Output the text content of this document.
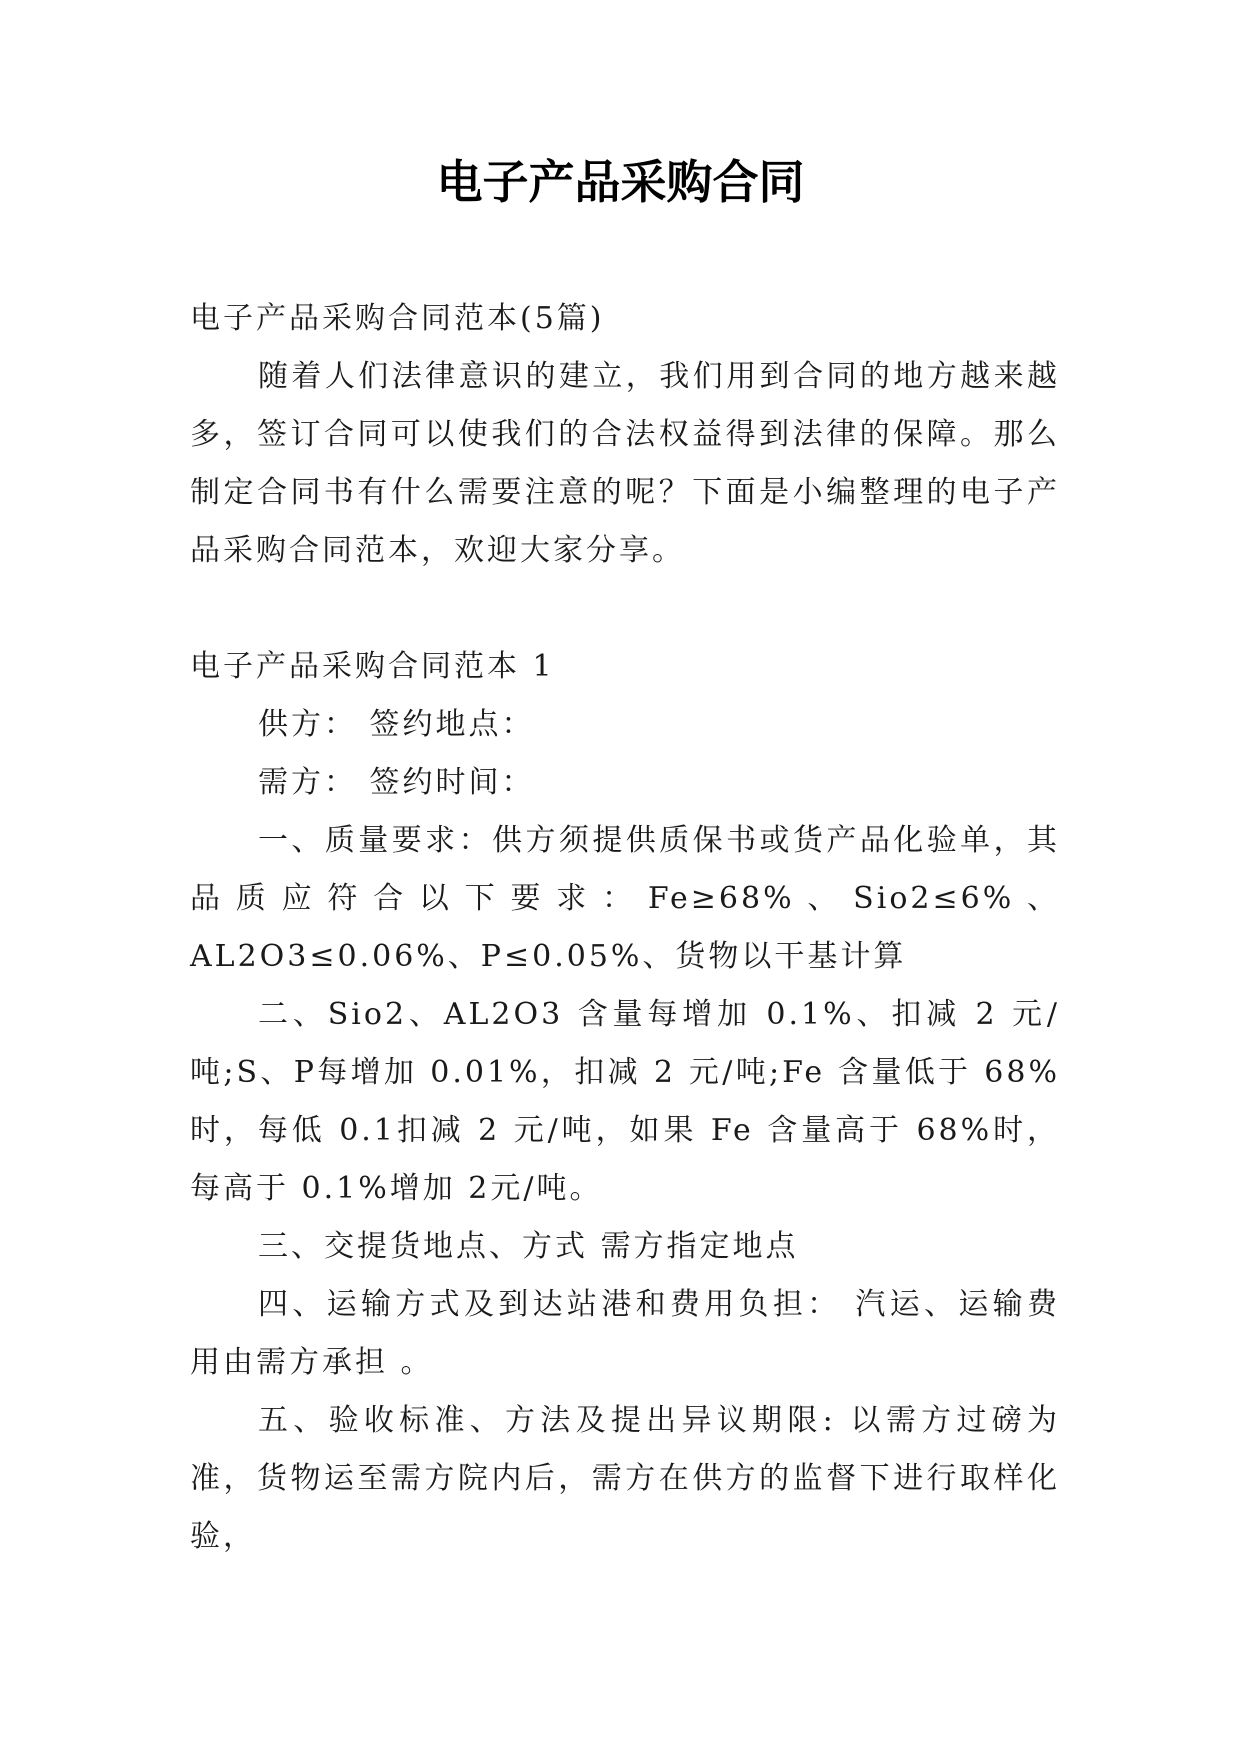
电子产品采购合同

电子产品采购合同范本(5篇)

随着人们法律意识的建立，我们用到合同的地方越来越多，签订合同可以使我们的合法权益得到法律的保障。那么制定合同书有什么需要注意的呢？下面是小编整理的电子产品采购合同范本，欢迎大家分享。

电子产品采购合同范本 1

供方： 签约地点：

需方： 签约时间：

一、质量要求：供方须提供质保书或货产品化验单，其品质应符合以下要求：Fe≥68%、Sio2≤6%、AL2O3≤0.06%、P≤0.05%、货物以干基计算

二、Sio2、AL2O3 含量每增加 0.1%、扣减 2 元/吨;S、P每增加 0.01%，扣减 2 元/吨;Fe 含量低于 68%时，每低 0.1扣减 2 元/吨，如果 Fe 含量高于 68%时，每高于 0.1%增加 2元/吨。

三、交提货地点、方式 需方指定地点

四、运输方式及到达站港和费用负担： 汽运、运输费用由需方承担 。

五、验收标准、方法及提出异议期限: 以需方过磅为准，货物运至需方院内后，需方在供方的监督下进行取样化验，
